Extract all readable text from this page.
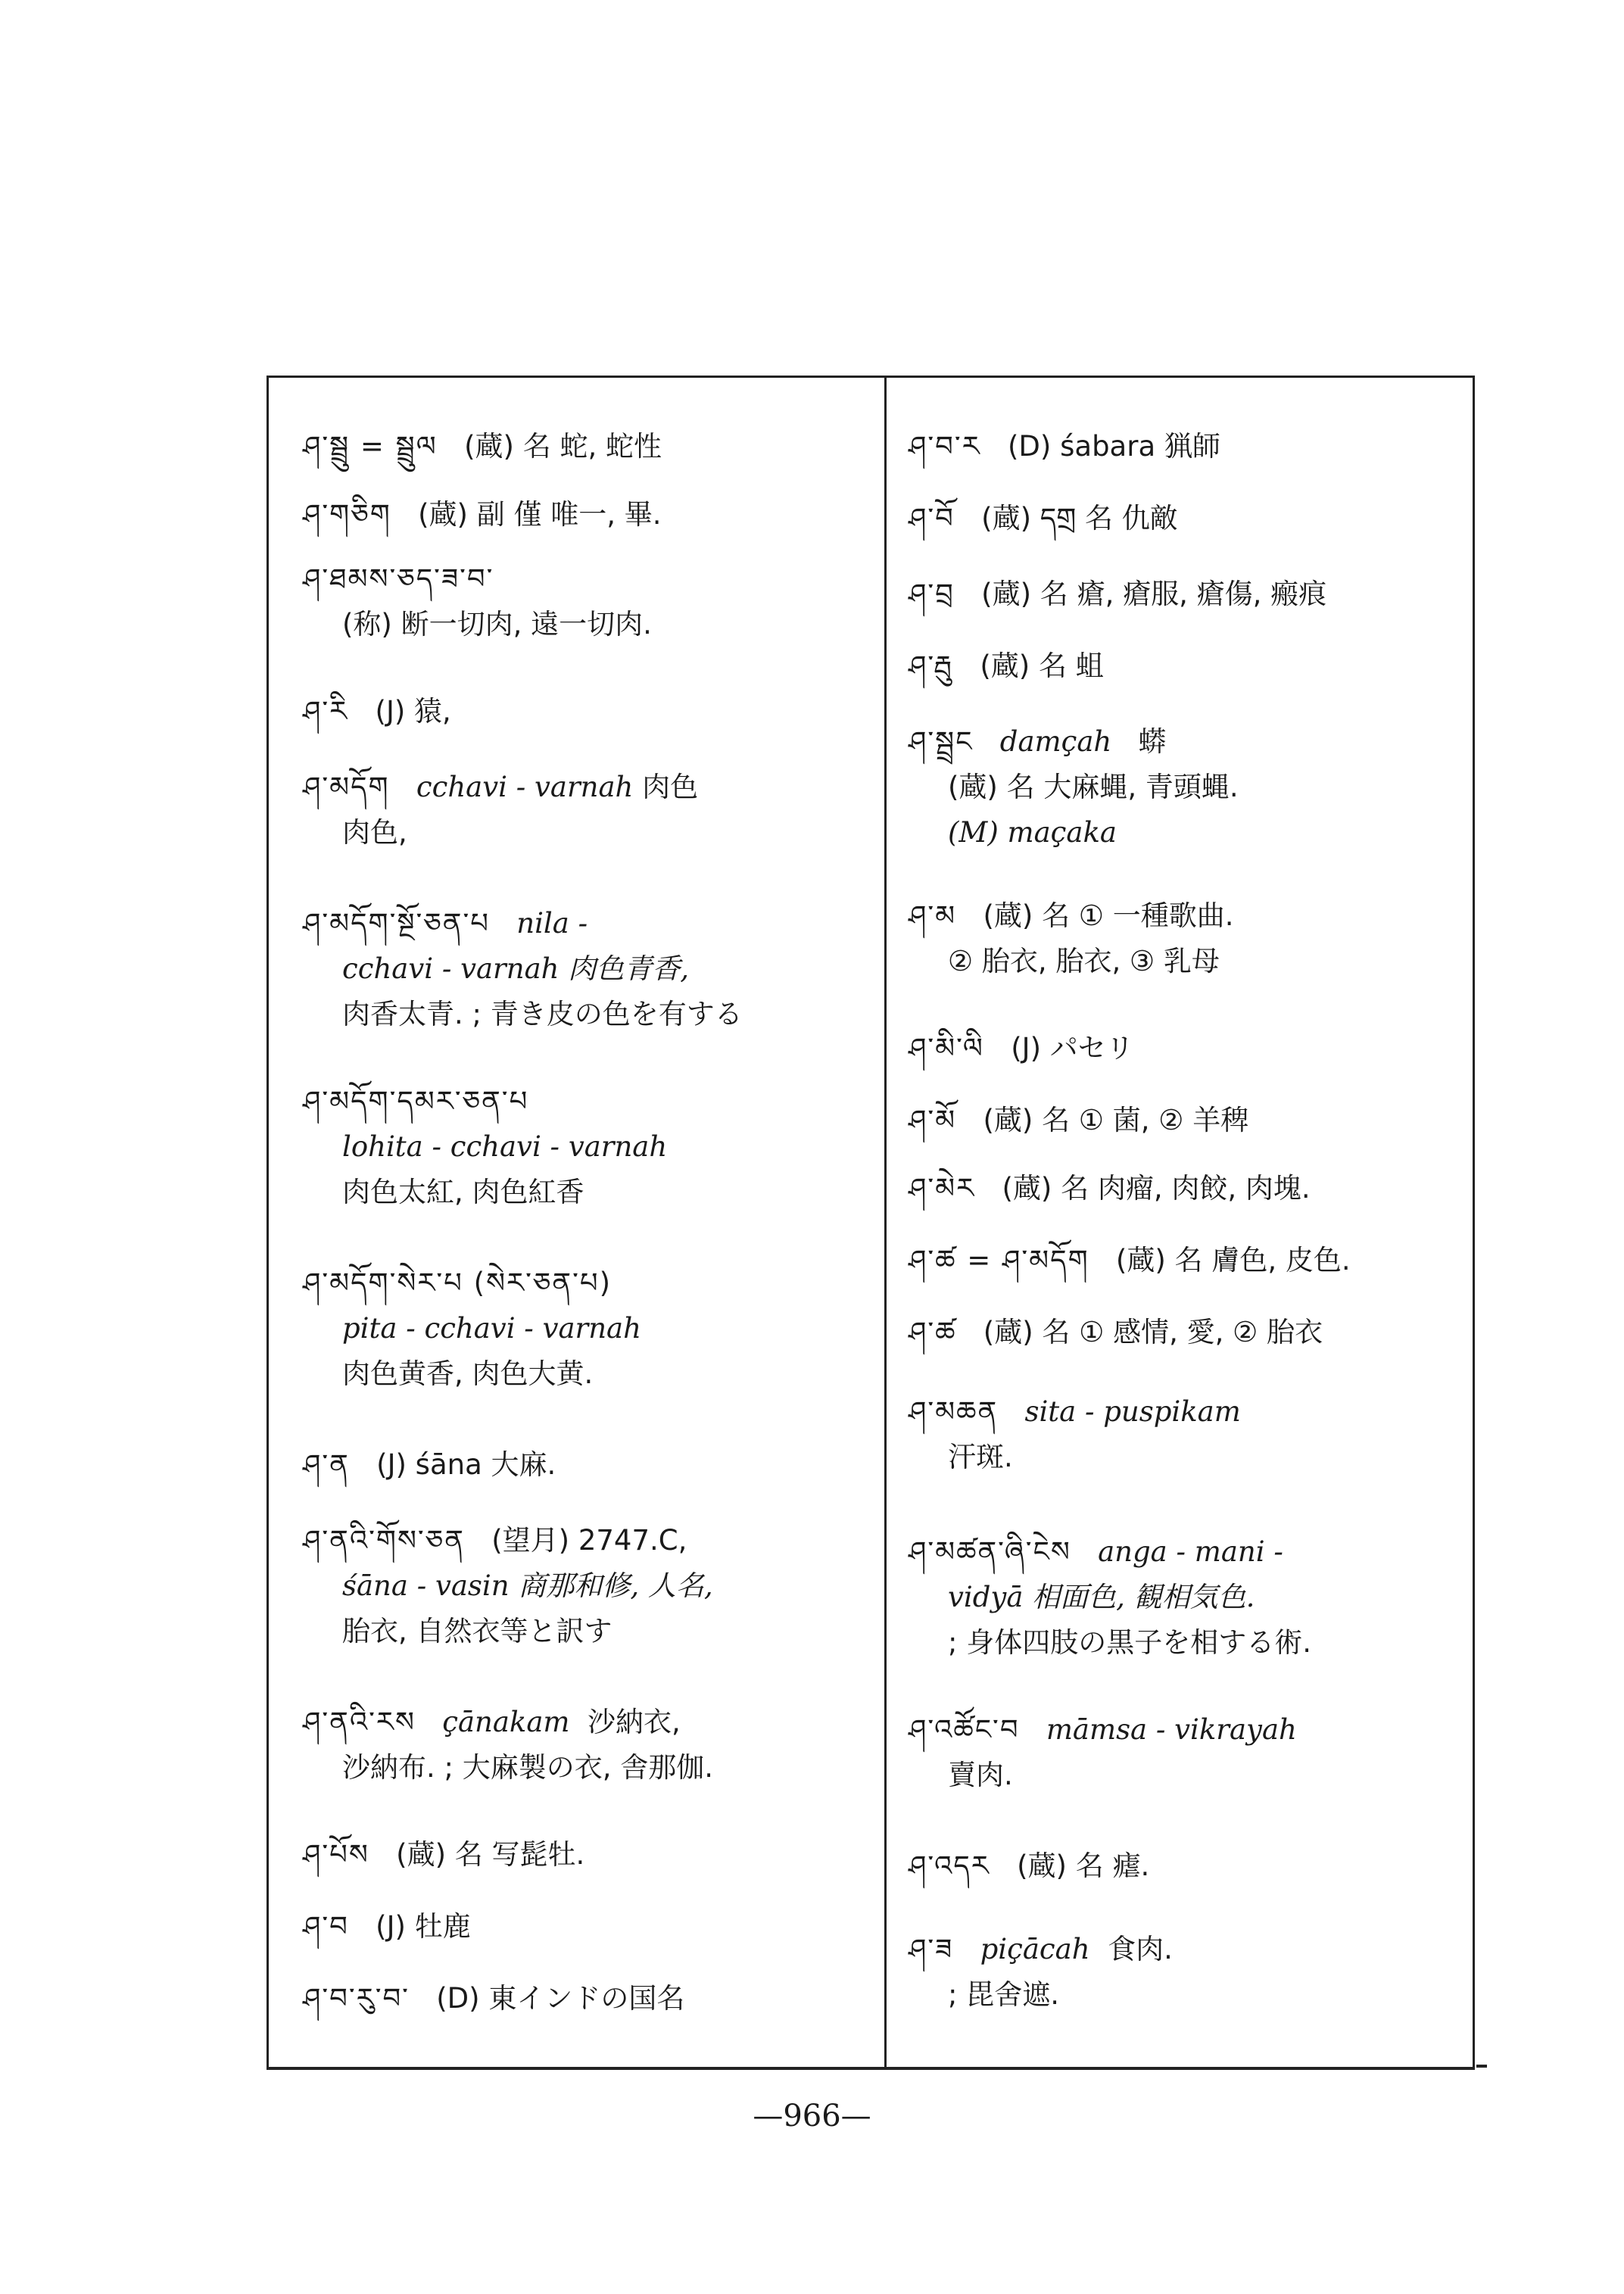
ཤ་སྦྲུ = སྦྲུལ (蔵) 名 蛇, 蛇性
ཤ་གཅིག (蔵) 副 僅 唯一, 畢.
ཤ་ཐམས་ཅད་ཟ་བ་
(称) 断一切肉, 遠一切肉.
ཤ་རི (J) 猿,
ཤ་མདོག cchavi - varnah 肉色
肉色,
ཤ་མདོག་སྔོ་ཅན་པ nila -
cchavi - varnah 肉色青香,
肉香太青. ; 青き皮の色を有する
ཤ་མདོག་དམར་ཅན་པ
lohita - cchavi - varnah
肉色太紅, 肉色紅香
ཤ་མདོག་སེར་པ (སེར་ཅན་པ)
pita - cchavi - varnah
肉色黄香, 肉色大黄.
ཤ་ན (J) śāna 大麻.
ཤ་ནའི་གོས་ཅན (望月) 2747.C,
śāna - vasin 商那和修, 人名,
胎衣, 自然衣等と訳す
ཤ་ནའི་རས çānakam 沙納衣,
沙納布. ; 大麻製の衣, 舎那伽.
ཤ་པོས (蔵) 名 写髭牡.
ཤ་བ (J) 牡鹿
ཤ་བ་རུ་བ་ (D) 東インドの国名
ཤ་བ་ར (D) śabara 猟師
ཤ་བོ (蔵) དགྲ 名 仇敵
ཤ་བྲ (蔵) 名 瘡, 瘡服, 瘡傷, 瘢痕
ཤ་རྦུ (蔵) 名 蛆
ཤ་སྦྲང damçah 蟒
(蔵) 名 大麻蝿, 青頭蝿.
(M) maçaka
ཤ་མ (蔵) 名 ① 一種歌曲.
② 胎衣, 胎衣, ③ 乳母
ཤ་མི་ལི (J) パセリ
ཤ་མོ (蔵) 名 ① 菌, ② 羊稗
ཤ་མེར (蔵) 名 肉瘤, 肉餃, 肉塊.
ཤ་ཚ = ཤ་མདོག (蔵) 名 膚色, 皮色.
ཤ་ཚ (蔵) 名 ① 感情, 愛, ② 胎衣
ཤ་མཆན sita - puspikam
汗斑.
ཤ་མཚན་ཞི་ངེས anga - mani -
vidyā 相面色, 観相気色.
; 身体四肢の黒子を相する術.
ཤ་འཚོང་བ māmsa - vikrayah
賣肉.
ཤ་འདར (蔵) 名 瘧.
ཤ་ཟ piçācah 食肉.
; 毘舍遮.
—966—
